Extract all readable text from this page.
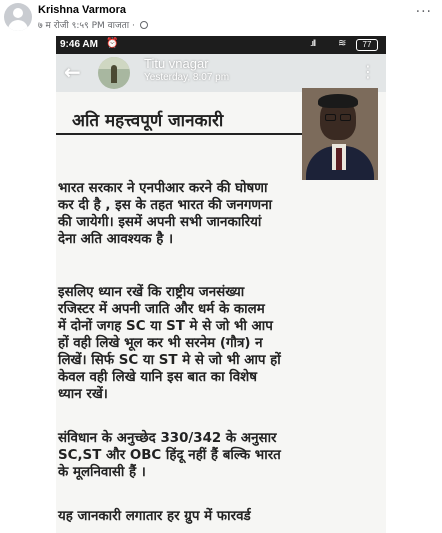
Krishna Varmora
७ म रोजी ९:५९ PM वाजता ·
···
9:46 AM ⏰	.ıll ≋	77
←	Titu vnagar
Yesterday, 8:07 pm	⋮
अति महत्त्वपूर्ण जानकारी
भारत सरकार ने एनपीआर करने की घोषणा
कर दी है , इस के तहत भारत की जनगणना
की जायेगी। इसमें अपनी सभी जानकारियां
देना अति आवश्यक है ।
इसलिए ध्यान रखें कि राष्ट्रीय जनसंख्या
रजिस्टर में अपनी जाति और धर्म के कालम
में दोनों जगह SC या ST मे से जो भी आप
हों वही लिखे भूल कर भी सरनेम (गौत्र) न
लिखें। सिर्फ SC या ST मे से जो भी आप हों
केवल वही लिखे यानि इस बात का विशेष
ध्यान रखें।
संविधान के अनुच्छेद 330/342 के अनुसार
SC,ST और OBC हिंदू नहीं हैं बल्कि भारत
के मूलनिवासी हैं ।
यह जानकारी लगातार हर ग्रुप में फारवर्ड
